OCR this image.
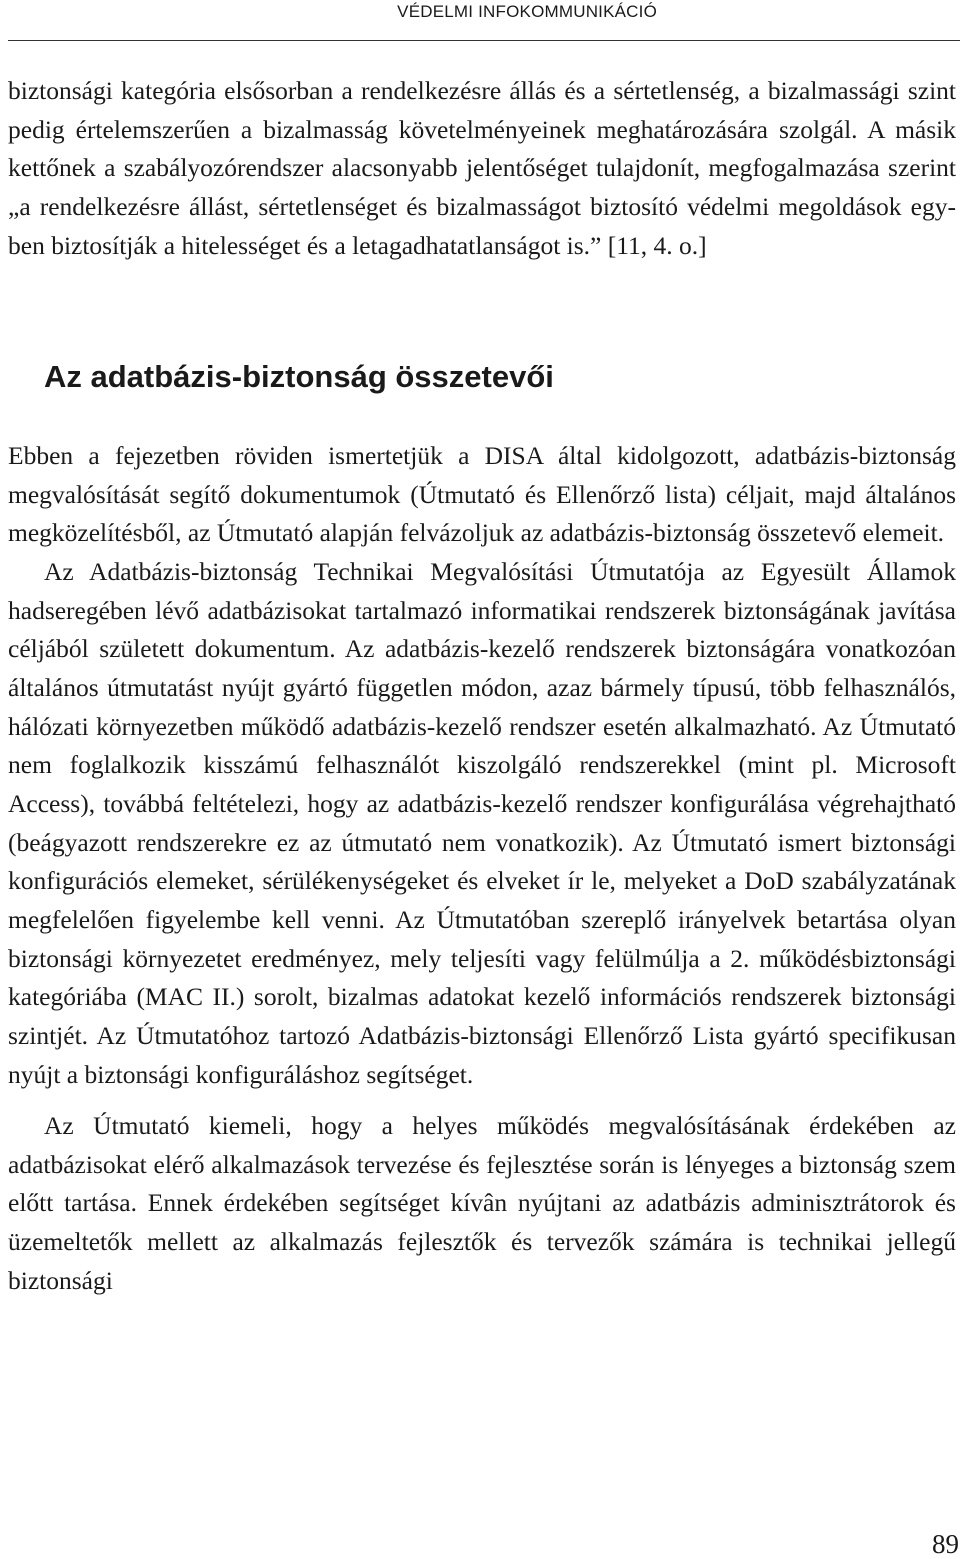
VÉDELMI INFOKOMMUNIKÁCIÓ

biztonsági kategória elsősorban a rendelkezésre állás és a sértetlenség, a bizalmassági szint pedig értelemszerűen a bizalmasság követelményeinek meghatározására szolgál. A másik kettőnek a szabályozórendszer alacsonyabb jelentőséget tulajdonít, megfogalmazása szerint „a rendelkezésre állást, sértetlenséget és bizalmasságot biztosító védelmi megoldások egyben biztosítják a hitelességet és a letagadhatatlanságot is.” [11, 4. o.]

Az adatbázis-biztonság összetevői

Ebben a fejezetben röviden ismertetjük a DISA által kidolgozott, adatbázis-biztonság megvalósítását segítő dokumentumok (Útmutató és Ellenőrző lista) céljait, majd általános megközelítésből, az Útmutató alapján felvázoljuk az adatbázis-biztonság összetevő elemeit.

Az Adatbázis-biztonság Technikai Megvalósítási Útmutatója az Egyesült Államok hadseregében lévő adatbázisokat tartalmazó informatikai rendszerek biztonságának javítása céljából született dokumentum. Az adatbázis-kezelő rendszerek biztonságára vonatkozóan általános útmutatást nyújt gyártó független módon, azaz bármely típusú, több felhasználós, hálózati környezetben működő adatbázis-kezelő rendszer esetén alkalmazható. Az Útmutató nem foglalkozik kisszámú felhasználót kiszolgáló rendszerekkel (mint pl. Microsoft Access), továbbá feltételezi, hogy az adatbázis-kezelő rendszer konfigurálása végrehajtható (beágyazott rendszerekre ez az útmutató nem vonatkozik). Az Útmutató ismert biztonsági konfigurációs elemeket, sérülékenységeket és elveket ír le, melyeket a DoD szabályzatának megfelelően figyelembe kell venni. Az Útmutatóban szereplő irányelvek betartása olyan biztonsági környezetet eredményez, mely teljesíti vagy felülmúlja a 2. működésbiztonsági kategóriába (MAC II.) sorolt, bizalmas adatokat kezelő információs rendszerek biztonsági szintjét. Az Útmutatóhoz tartozó Adatbázis-biztonsági Ellenőrző Lista gyártó specifikusan nyújt a biztonsági konfiguráláshoz segítséget.

Az Útmutató kiemeli, hogy a helyes működés megvalósításának érdekében az adatbázisokat elérő alkalmazások tervezése és fejlesztése során is lényeges a biztonság szem előtt tartása. Ennek érdekében segítséget kívân nyújtani az adatbázis adminisztrátorok és üzemeltetők mellett az alkalmazás fejlesztők és tervezők számára is technikai jellegű biztonsági

89
